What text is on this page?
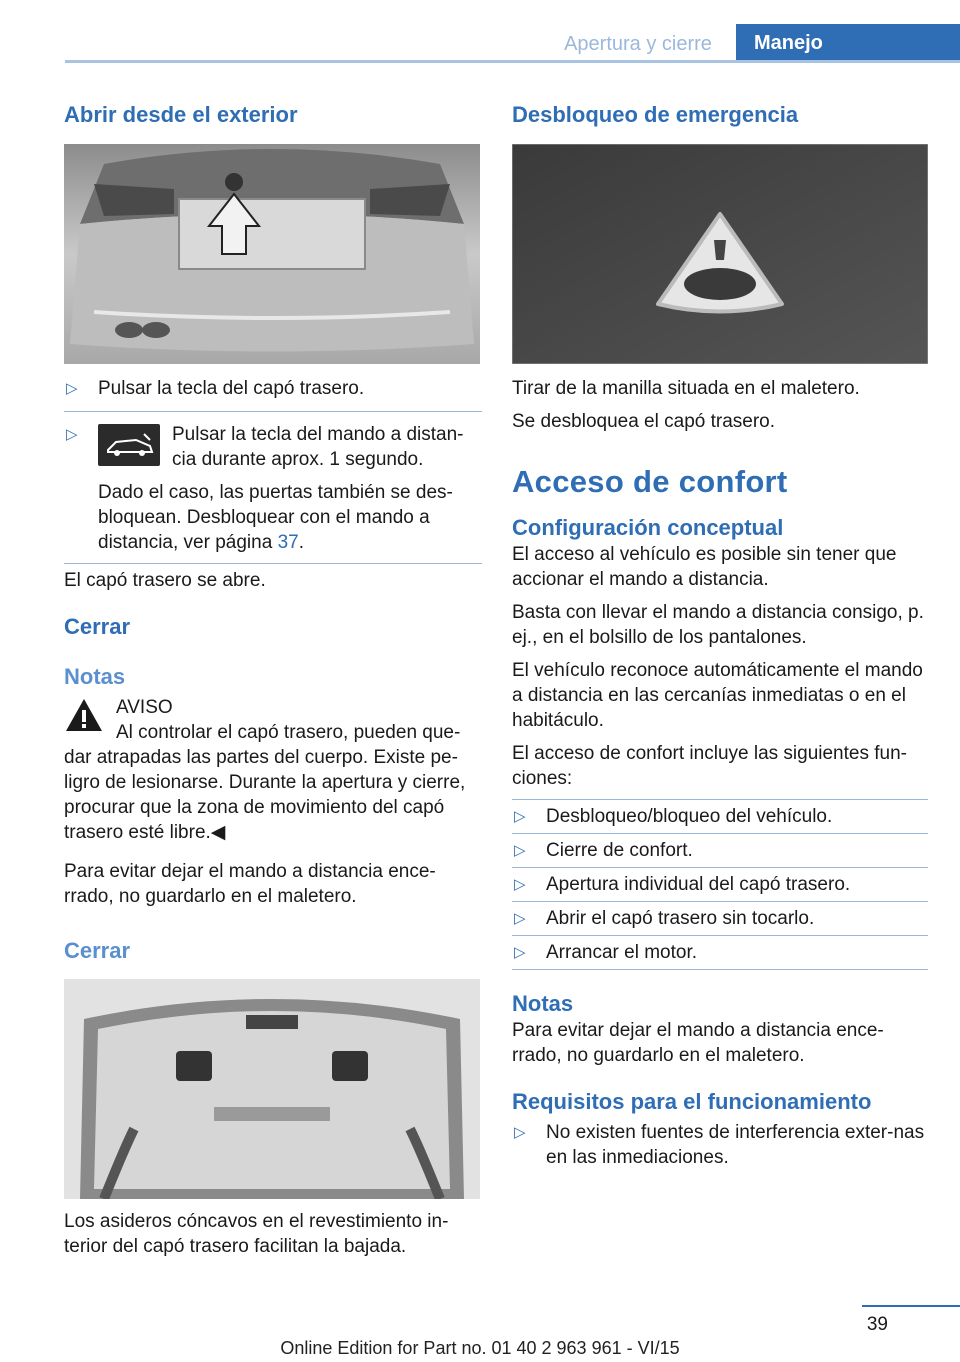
Apertura y cierre	Manejo
Abrir desde el exterior
▷ Pulsar la tecla del capó trasero.
▷	Pulsar la tecla del mando a distan‐cia durante aprox. 1 segundo.

Dado el caso, las puertas también se des‐bloquean. Desbloquear con el mando a distancia, ver página 37.

El capó trasero se abre.

Cerrar
Notas

AVISO

Al controlar el capó trasero, pueden que‐

dar atrapadas las partes del cuerpo. Existe pe‐ligro de lesionarse. Durante la apertura y cierre, procurar que la zona de movimiento del capó trasero esté libre.◀

Para evitar dejar el mando a distancia ence‐rrado, no guardarlo en el maletero.

Cerrar

Los asideros cóncavos en el revestimiento in‐terior del capó trasero facilitan la bajada.

Desbloqueo de emergencia

Tirar de la manilla situada en el maletero.

Se desbloquea el capó trasero.

Acceso de confort
Configuración conceptual

El acceso al vehículo es posible sin tener que accionar el mando a distancia.

Basta con llevar el mando a distancia consigo, p. ej., en el bolsillo de los pantalones.

El vehículo reconoce automáticamente el mando a distancia en las cercanías inmediatas o en el habitáculo.

El acceso de confort incluye las siguientes fun‐ciones:

▷ Desbloqueo/bloqueo del vehículo.
▷ Cierre de confort.
▷ Apertura individual del capó trasero.
▷ Abrir el capó trasero sin tocarlo.
▷ Arrancar el motor.
Notas

Para evitar dejar el mando a distancia ence‐rrado, no guardarlo en el maletero.

Requisitos para el funcionamiento
▷ No existen fuentes de interferencia exter‐nas en las inmediaciones.
39
Online Edition for Part no. 01 40 2 963 961 - VI/15
